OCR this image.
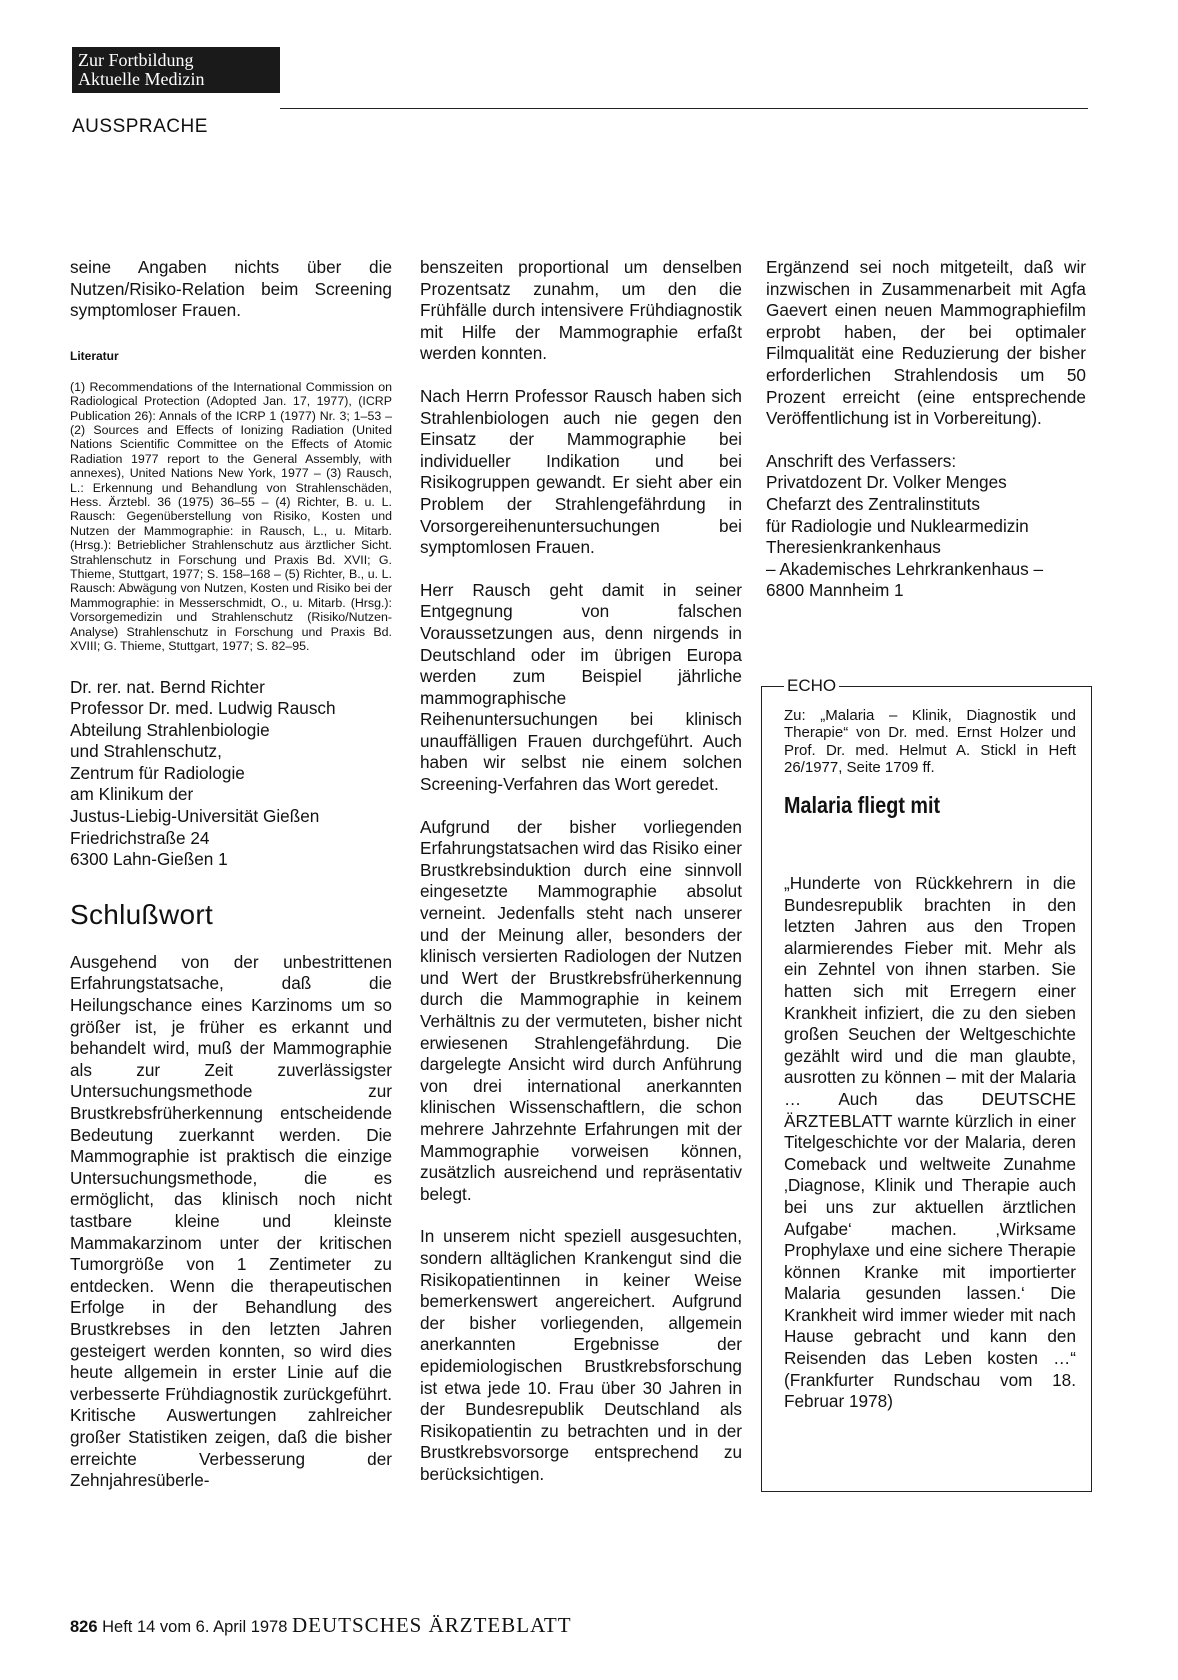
Zur Fortbildung
Aktuelle Medizin
AUSSPRACHE

seine Angaben nichts über die Nutzen/Risiko-Relation beim Screening symptomloser Frauen.

Literatur

(1) Recommendations of the International Commission on Radiological Protection (Adopted Jan. 17, 1977), (ICRP Publication 26): Annals of the ICRP 1 (1977) Nr. 3; 1–53 – (2) Sources and Effects of Ionizing Radiation (United Nations Scientific Committee on the Effects of Atomic Radiation 1977 report to the General Assembly, with annexes), United Nations New York, 1977 – (3) Rausch, L.: Erkennung und Behandlung von Strahlenschäden, Hess. Ärztebl. 36 (1975) 36–55 – (4) Richter, B. u. L. Rausch: Gegenüberstellung von Risiko, Kosten und Nutzen der Mammographie: in Rausch, L., u. Mitarb. (Hrsg.): Betrieblicher Strahlenschutz aus ärztlicher Sicht. Strahlenschutz in Forschung und Praxis Bd. XVII; G. Thieme, Stuttgart, 1977; S. 158–168 – (5) Richter, B., u. L. Rausch: Abwägung von Nutzen, Kosten und Risiko bei der Mammographie: in Messerschmidt, O., u. Mitarb. (Hrsg.): Vorsorgemedizin und Strahlenschutz (Risiko/Nutzen-Analyse) Strahlenschutz in Forschung und Praxis Bd. XVIII; G. Thieme, Stuttgart, 1977; S. 82–95.

Dr. rer. nat. Bernd Richter
Professor Dr. med. Ludwig Rausch
Abteilung Strahlenbiologie
und Strahlenschutz,
Zentrum für Radiologie
am Klinikum der
Justus-Liebig-Universität Gießen
Friedrichstraße 24
6300 Lahn-Gießen 1
Schlußwort

Ausgehend von der unbestrittenen Erfahrungstatsache, daß die Heilungschance eines Karzinoms um so größer ist, je früher es erkannt und behandelt wird, muß der Mammographie als zur Zeit zuverlässigster Untersuchungsmethode zur Brustkrebsfrüherkennung entscheidende Bedeutung zuerkannt werden. Die Mammographie ist praktisch die einzige Untersuchungsmethode, die es ermöglicht, das klinisch noch nicht tastbare kleine und kleinste Mammakarzinom unter der kritischen Tumorgröße von 1 Zentimeter zu entdecken. Wenn die therapeutischen Erfolge in der Behandlung des Brustkrebses in den letzten Jahren gesteigert werden konnten, so wird dies heute allgemein in erster Linie auf die verbesserte Frühdiagnostik zurückgeführt. Kritische Auswertungen zahlreicher großer Statistiken zeigen, daß die bisher erreichte Verbesserung der Zehnjahresüberle-

benszeiten proportional um denselben Prozentsatz zunahm, um den die Frühfälle durch intensivere Frühdiagnostik mit Hilfe der Mammographie erfaßt werden konnten.

Nach Herrn Professor Rausch haben sich Strahlenbiologen auch nie gegen den Einsatz der Mammographie bei individueller Indikation und bei Risikogruppen gewandt. Er sieht aber ein Problem der Strahlengefährdung in Vorsorgereihenuntersuchungen bei symptomlosen Frauen.

Herr Rausch geht damit in seiner Entgegnung von falschen Voraussetzungen aus, denn nirgends in Deutschland oder im übrigen Europa werden zum Beispiel jährliche mammographische Reihenuntersuchungen bei klinisch unauffälligen Frauen durchgeführt. Auch haben wir selbst nie einem solchen Screening-Verfahren das Wort geredet.

Aufgrund der bisher vorliegenden Erfahrungstatsachen wird das Risiko einer Brustkrebsinduktion durch eine sinnvoll eingesetzte Mammographie absolut verneint. Jedenfalls steht nach unserer und der Meinung aller, besonders der klinisch versierten Radiologen der Nutzen und Wert der Brustkrebsfrüherkennung durch die Mammographie in keinem Verhältnis zu der vermuteten, bisher nicht erwiesenen Strahlengefährdung. Die dargelegte Ansicht wird durch Anführung von drei international anerkannten klinischen Wissenschaftlern, die schon mehrere Jahrzehnte Erfahrungen mit der Mammographie vorweisen können, zusätzlich ausreichend und repräsentativ belegt.

In unserem nicht speziell ausgesuchten, sondern alltäglichen Krankengut sind die Risikopatientinnen in keiner Weise bemerkenswert angereichert. Aufgrund der bisher vorliegenden, allgemein anerkannten Ergebnisse der epidemiologischen Brustkrebsforschung ist etwa jede 10. Frau über 30 Jahren in der Bundesrepublik Deutschland als Risikopatientin zu betrachten und in der Brustkrebsvorsorge entsprechend zu berücksichtigen.

Ergänzend sei noch mitgeteilt, daß wir inzwischen in Zusammenarbeit mit Agfa Gaevert einen neuen Mammographiefilm erprobt haben, der bei optimaler Filmqualität eine Reduzierung der bisher erforderlichen Strahlendosis um 50 Prozent erreicht (eine entsprechende Veröffentlichung ist in Vorbereitung).

Anschrift des Verfassers:
Privatdozent Dr. Volker Menges
Chefarzt des Zentralinstituts
für Radiologie und Nuklearmedizin
Theresienkrankenhaus
– Akademisches Lehrkrankenhaus –
6800 Mannheim 1
ECHO

Zu: „Malaria – Klinik, Diagnostik und Therapie“ von Dr. med. Ernst Holzer und Prof. Dr. med. Helmut A. Stickl in Heft 26/1977, Seite 1709 ff.

Malaria fliegt mit

„Hunderte von Rückkehrern in die Bundesrepublik brachten in den letzten Jahren aus den Tropen alarmierendes Fieber mit. Mehr als ein Zehntel von ihnen starben. Sie hatten sich mit Erregern einer Krankheit infiziert, die zu den sieben großen Seuchen der Weltgeschichte gezählt wird und die man glaubte, ausrotten zu können – mit der Malaria … Auch das DEUTSCHE ÄRZTEBLATT warnte kürzlich in einer Titelgeschichte vor der Malaria, deren Comeback und weltweite Zunahme ‚Diagnose, Klinik und Therapie auch bei uns zur aktuellen ärztlichen Aufgabe‘ machen. ‚Wirksame Prophylaxe und eine sichere Therapie können Kranke mit importierter Malaria gesunden lassen.‘ Die Krankheit wird immer wieder mit nach Hause gebracht und kann den Reisenden das Leben kosten …“ (Frankfurter Rundschau vom 18. Februar 1978)

826 Heft 14 vom 6. April 1978 DEUTSCHES ÄRZTEBLATT
